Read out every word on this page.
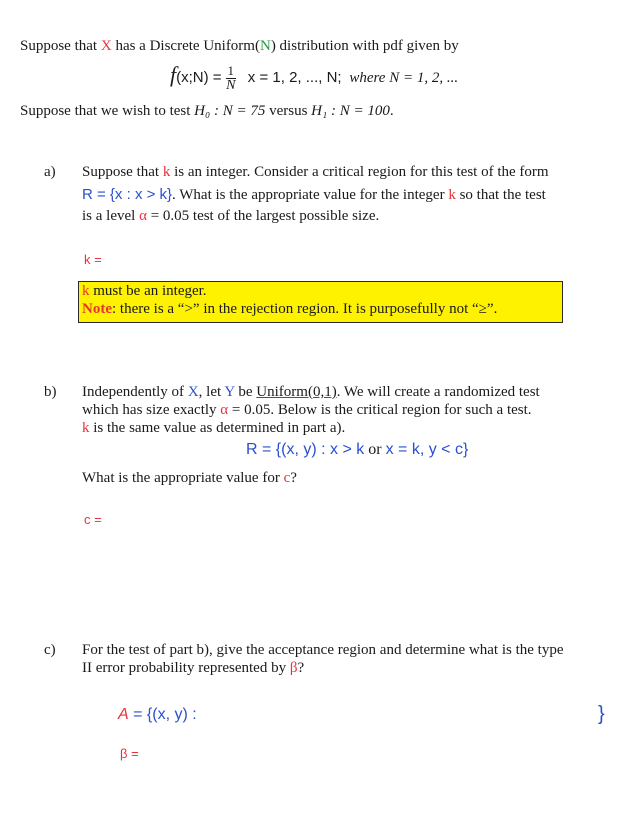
Suppose that X has a Discrete Uniform(N) distribution with pdf given by
f(x;N) = $\frac{1}{N}$ x = 1, 2, ..., N; where N = 1, 2, ...
Suppose that we wish to test H₀ : N = 75 versus H₁ : N = 100.
a) Suppose that k is an integer. Consider a critical region for this test of the form
R = {x : x > k}. What is the appropriate value for the integer k so that the test
is a level α = 0.05 test of the largest possible size.
k =
k must be an integer.
Note: there is a “>” in the rejection region. It is purposefully not “≥”.
b) Independently of X, let Y be Uniform(0,1). We will create a randomized test
which has size exactly α = 0.05. Below is the critical region for such a test.
k is the same value as determined in part a).
R = {(x, y) : x > k or x = k, y < c}
What is the appropriate value for c?
c =
c) For the test of part b), give the acceptance region and determine what is the type
II error probability represented by β?
A = {(x, y) :	}
β =
